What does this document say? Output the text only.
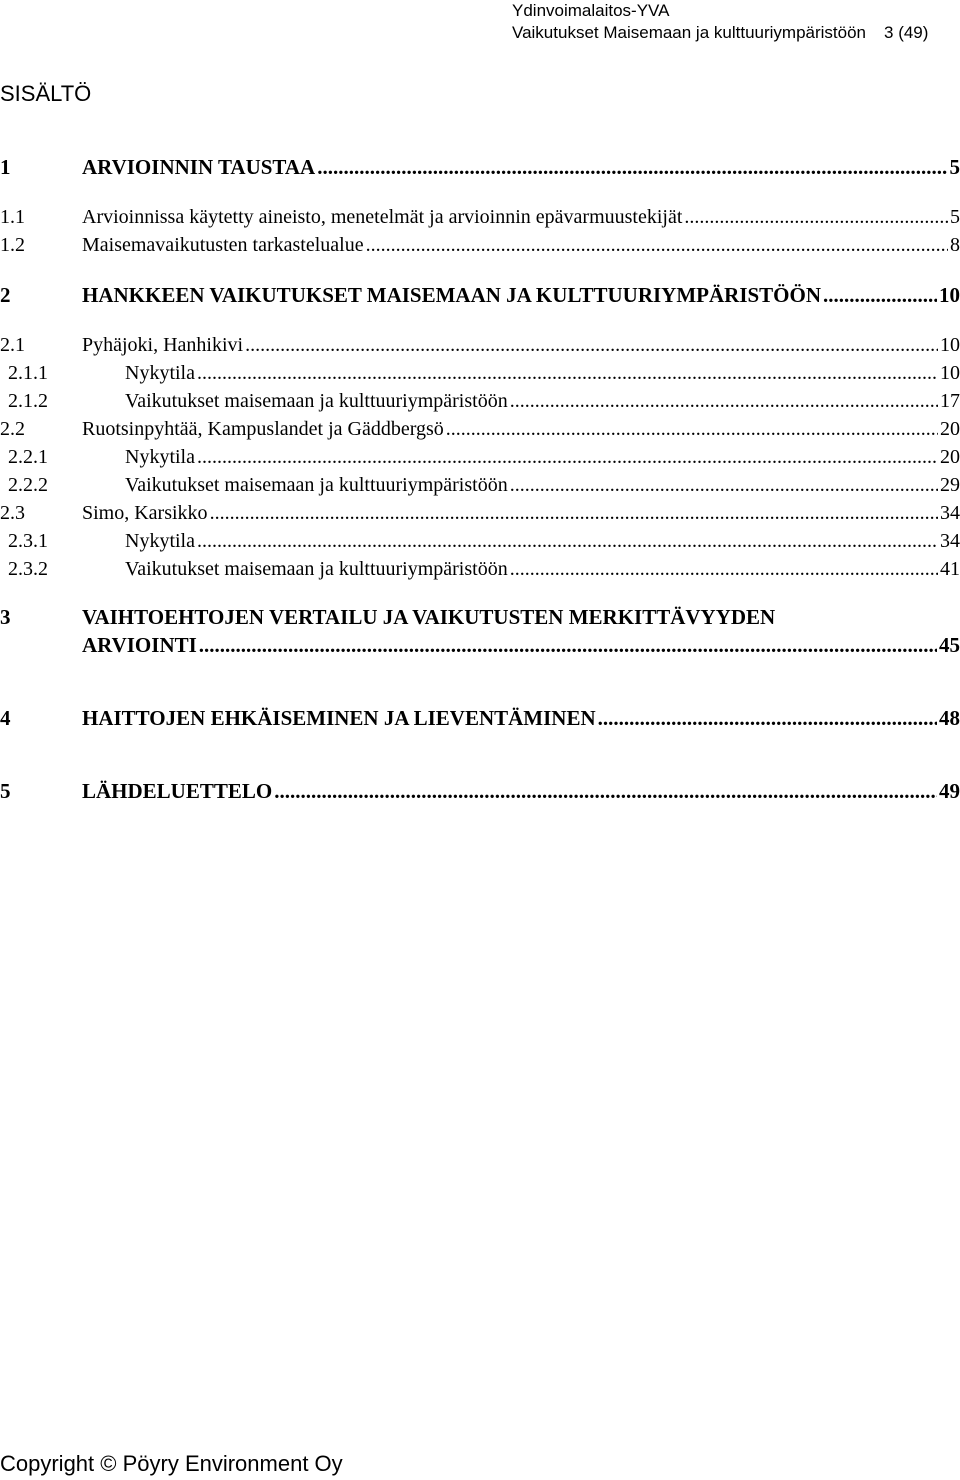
Ydinvoimalaitos-YVA
Vaikutukset Maisemaan ja kulttuuriympäristöön 3 (49)
SISÄLTÖ
1	ARVIOINNIN TAUSTAA .....	5
1.1	Arvioinnissa käytetty aineisto, menetelmät ja arvioinnin epävarmuustekijät .....	5
1.2	Maisemavaikutusten tarkastelualue .....	8
2	HANKKEEN VAIKUTUKSET MAISEMAAN JA KULTTUURIYMPÄRISTÖÖN .....	10
2.1	Pyhäjoki, Hanhikivi .....	10
2.1.1	Nykytila .....	10
2.1.2	Vaikutukset maisemaan ja kulttuuriympäristöön .....	17
2.2	Ruotsinpyhtää, Kampuslandet ja Gäddbergsö .....	20
2.2.1	Nykytila .....	20
2.2.2	Vaikutukset maisemaan ja kulttuuriympäristöön .....	29
2.3	Simo, Karsikko .....	34
2.3.1	Nykytila .....	34
2.3.2	Vaikutukset maisemaan ja kulttuuriympäristöön .....	41
3	VAIHTOEHTOJEN VERTAILU JA VAIKUTUSTEN MERKITTÄVYYDEN
ARVIOINTI .....	45
4	HAITTOJEN EHKÄISEMINEN JA LIEVENTÄMINEN .....	48
5	LÄHDELUETTELO .....	49
Copyright © Pöyry Environment Oy
